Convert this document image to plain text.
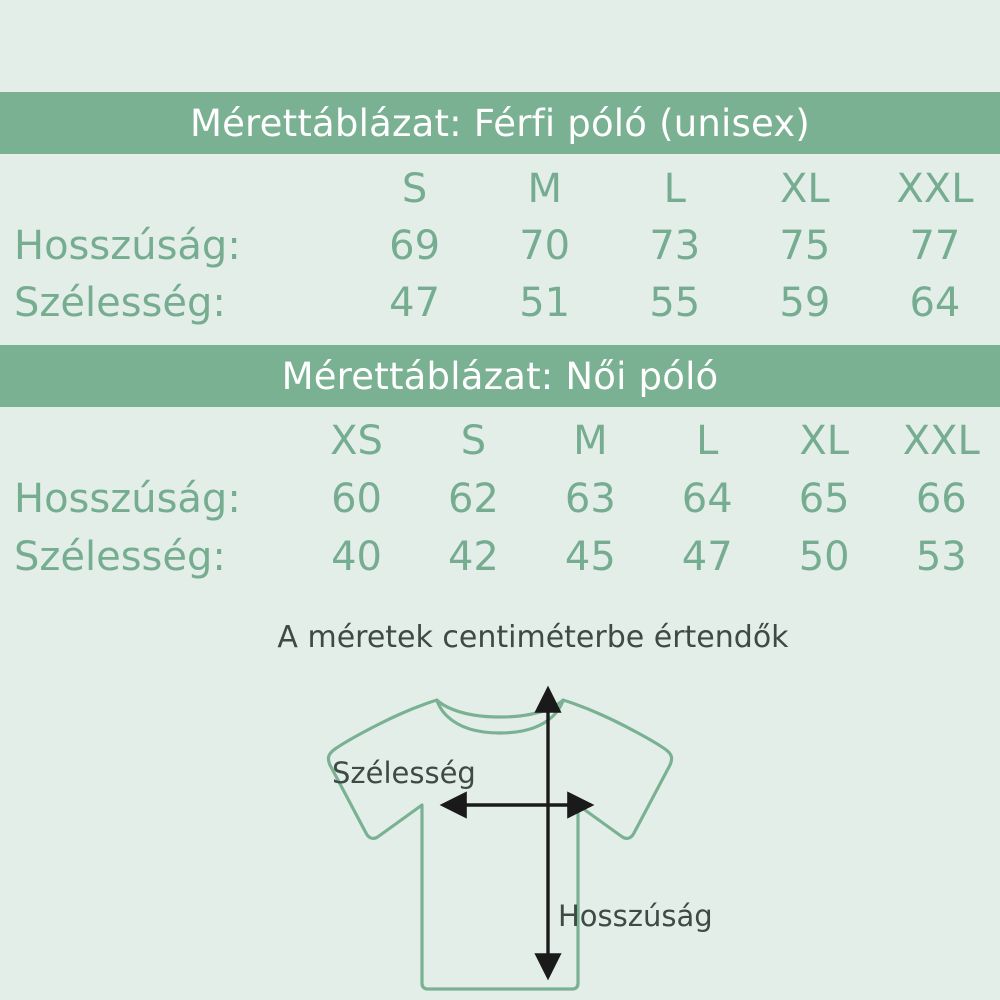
Mérettáblázat: Férfi póló (unisex)
	S	M	L	XL	XXL
Hosszúság:	69	70	73	75	77
Szélesség:	47	51	55	59	64
Mérettáblázat: Női póló
	XS	S	M	L	XL	XXL
Hosszúság:	60	62	63	64	65	66
Szélesség:	40	42	45	47	50	53
A méretek centiméterbe értendők
Szélesség
Hosszúság
